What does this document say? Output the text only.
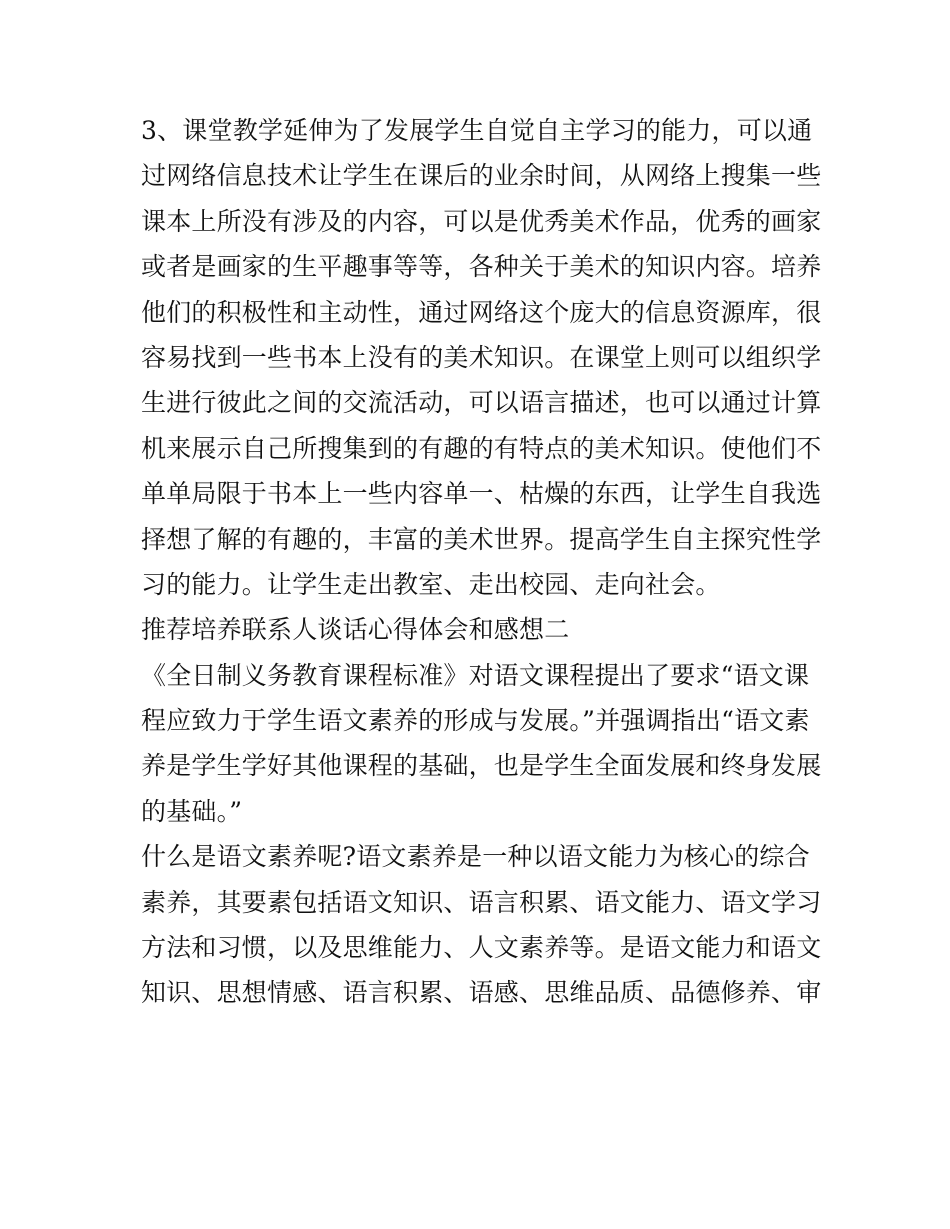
3、课堂教学延伸为了发展学生自觉自主学习的能力，可以通
过网络信息技术让学生在课后的业余时间，从网络上搜集一些
课本上所没有涉及的内容，可以是优秀美术作品，优秀的画家
或者是画家的生平趣事等等，各种关于美术的知识内容。培养
他们的积极性和主动性，通过网络这个庞大的信息资源库，很
容易找到一些书本上没有的美术知识。在课堂上则可以组织学
生进行彼此之间的交流活动，可以语言描述，也可以通过计算
机来展示自己所搜集到的有趣的有特点的美术知识。使他们不
单单局限于书本上一些内容单一、枯燥的东西，让学生自我选
择想了解的有趣的，丰富的美术世界。提高学生自主探究性学
习的能力。让学生走出教室、走出校园、走向社会。
推荐培养联系人谈话心得体会和感想二
《全日制义务教育课程标准》对语文课程提出了要求“语文课
程应致力于学生语文素养的形成与发展。”并强调指出“语文素
养是学生学好其他课程的基础，也是学生全面发展和终身发展
的基础。”
什么是语文素养呢?语文素养是一种以语文能力为核心的综合
素养，其要素包括语文知识、语言积累、语文能力、语文学习
方法和习惯，以及思维能力、人文素养等。是语文能力和语文
知识、思想情感、语言积累、语感、思维品质、品德修养、审
